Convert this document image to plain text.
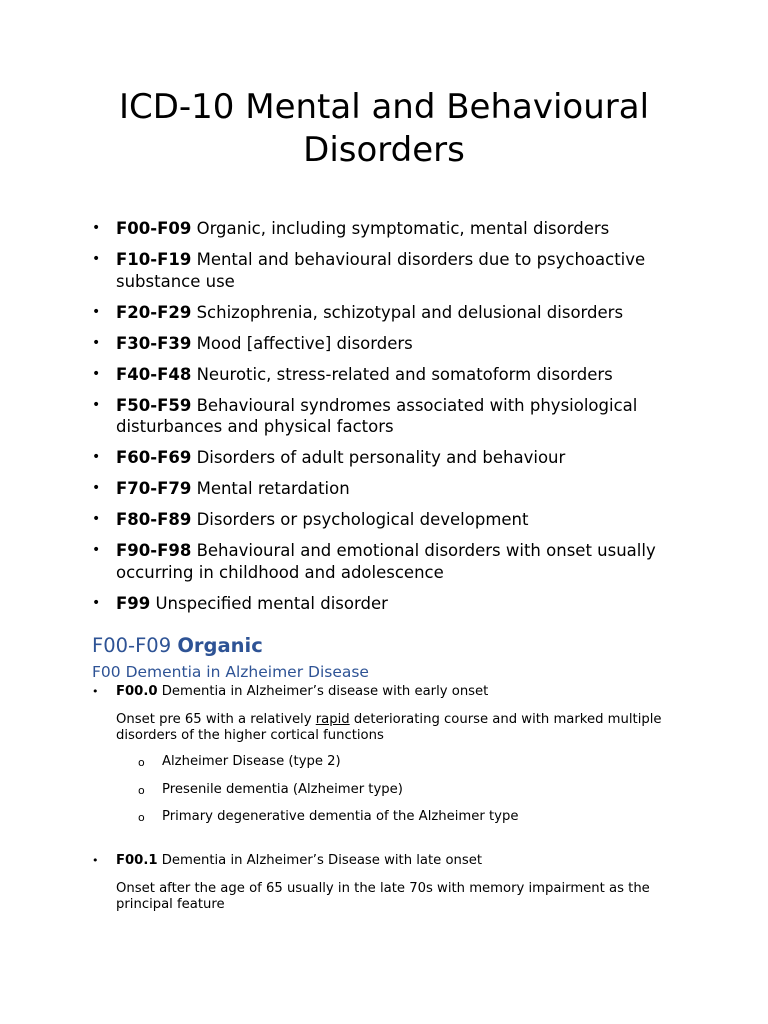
ICD-10 Mental and Behavioural Disorders
• F00-F09 Organic, including symptomatic, mental disorders
• F10-F19 Mental and behavioural disorders due to psychoactive substance use
• F20-F29 Schizophrenia, schizotypal and delusional disorders
• F30-F39 Mood [affective] disorders
• F40-F48 Neurotic, stress-related and somatoform disorders
• F50-F59 Behavioural syndromes associated with physiological disturbances and physical factors
• F60-F69 Disorders of adult personality and behaviour
• F70-F79 Mental retardation
• F80-F89 Disorders or psychological development
• F90-F98 Behavioural and emotional disorders with onset usually occurring in childhood and adolescence
• F99 Unspecified mental disorder
F00-F09 Organic
F00 Dementia in Alzheimer Disease
•	F00.0 Dementia in Alzheimer’s disease with early onset

Onset pre 65 with a relatively rapid deteriorating course and with marked multiple disorders of the higher cortical functions

o Alzheimer Disease (type 2)
o Presenile dementia (Alzheimer type)
o Primary degenerative dementia of the Alzheimer type
•	F00.1 Dementia in Alzheimer’s Disease with late onset

Onset after the age of 65 usually in the late 70s with memory impairment as the principal feature
